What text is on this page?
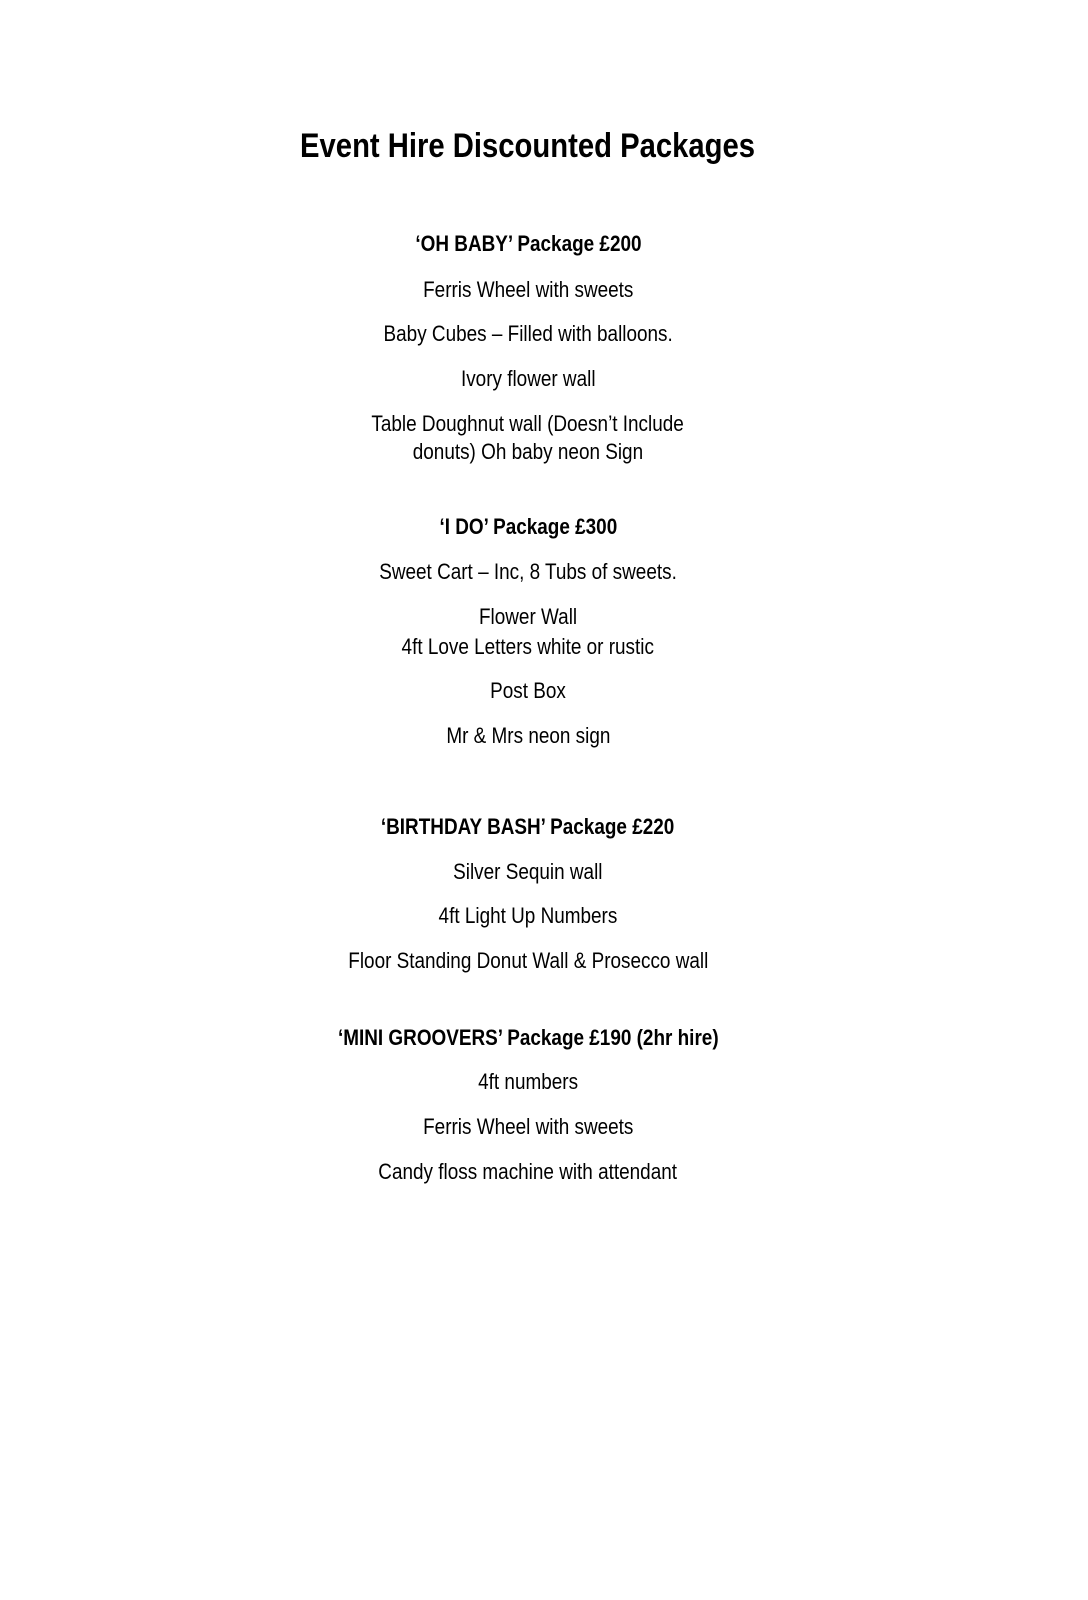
Event Hire Discounted Packages
‘OH BABY’ Package £200
Ferris Wheel with sweets
Baby Cubes – Filled with balloons.
Ivory flower wall
Table Doughnut wall (Doesn’t Include
donuts) Oh baby neon Sign
‘I DO’ Package £300
Sweet Cart – Inc, 8 Tubs of sweets.
Flower Wall
4ft Love Letters white or rustic
Post Box
Mr & Mrs neon sign
‘BIRTHDAY BASH’ Package £220
Silver Sequin wall
4ft Light Up Numbers
Floor Standing Donut Wall & Prosecco wall
‘MINI GROOVERS’ Package £190 (2hr hire)
4ft numbers
Ferris Wheel with sweets
Candy floss machine with attendant
